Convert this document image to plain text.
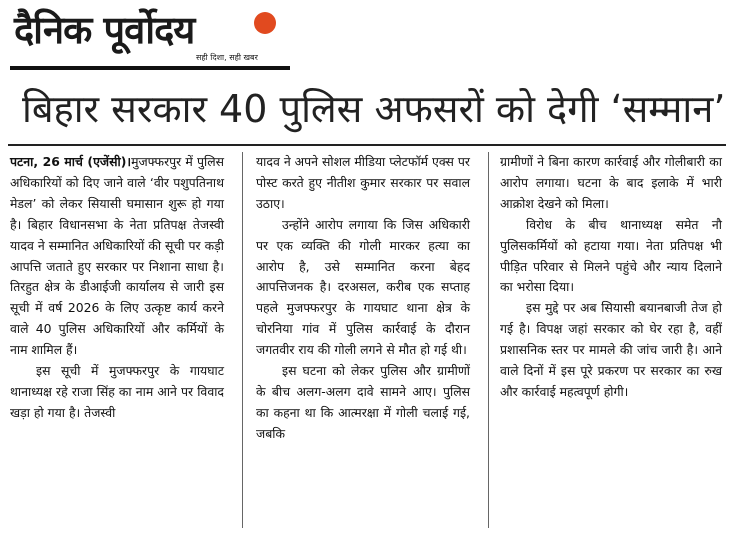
दैनिक पूर्वोदय
सही दिशा, सही खबर
बिहार सरकार 40 पुलिस अफसरों को देगी ‘सम्मान’

पटना, 26 मार्च (एजेंसी)।मुजफ्फरपुर में पुलिस अधिकारियों को दिए जाने वाले ‘वीर पशुपतिनाथ मेडल’ को लेकर सियासी घमासान शुरू हो गया है। बिहार विधानसभा के नेता प्रतिपक्ष तेजस्वी यादव ने सम्मानित अधिकारियों की सूची पर कड़ी आपत्ति जताते हुए सरकार पर निशाना साधा है। तिरहुत क्षेत्र के डीआईजी कार्यालय से जारी इस सूची में वर्ष 2026 के लिए उत्कृष्ट कार्य करने वाले 40 पुलिस अधिकारियों और कर्मियों के नाम शामिल हैं।

इस सूची में मुजफ्फरपुर के गायघाट थानाध्यक्ष रहे राजा सिंह का नाम आने पर विवाद खड़ा हो गया है। तेजस्वी

यादव ने अपने सोशल मीडिया प्लेटफॉर्म एक्स पर पोस्ट करते हुए नीतीश कुमार सरकार पर सवाल उठाए।

उन्होंने आरोप लगाया कि जिस अधिकारी पर एक व्यक्ति की गोली मारकर हत्या का आरोप है, उसे सम्मानित करना बेहद आपत्तिजनक है। दरअसल, करीब एक सप्ताह पहले मुजफ्फरपुर के गायघाट थाना क्षेत्र के चोरनिया गांव में पुलिस कार्रवाई के दौरान जगतवीर राय की गोली लगने से मौत हो गई थी।

इस घटना को लेकर पुलिस और ग्रामीणों के बीच अलग-अलग दावे सामने आए। पुलिस का कहना था कि आत्मरक्षा में गोली चलाई गई, जबकि

ग्रामीणों ने बिना कारण कार्रवाई और गोलीबारी का आरोप लगाया। घटना के बाद इलाके में भारी आक्रोश देखने को मिला।

विरोध के बीच थानाध्यक्ष समेत नौ पुलिसकर्मियों को हटाया गया। नेता प्रतिपक्ष भी पीड़ित परिवार से मिलने पहुंचे और न्याय दिलाने का भरोसा दिया।

इस मुद्दे पर अब सियासी बयानबाजी तेज हो गई है। विपक्ष जहां सरकार को घेर रहा है, वहीं प्रशासनिक स्तर पर मामले की जांच जारी है। आने वाले दिनों में इस पूरे प्रकरण पर सरकार का रुख और कार्रवाई महत्वपूर्ण होगी।
